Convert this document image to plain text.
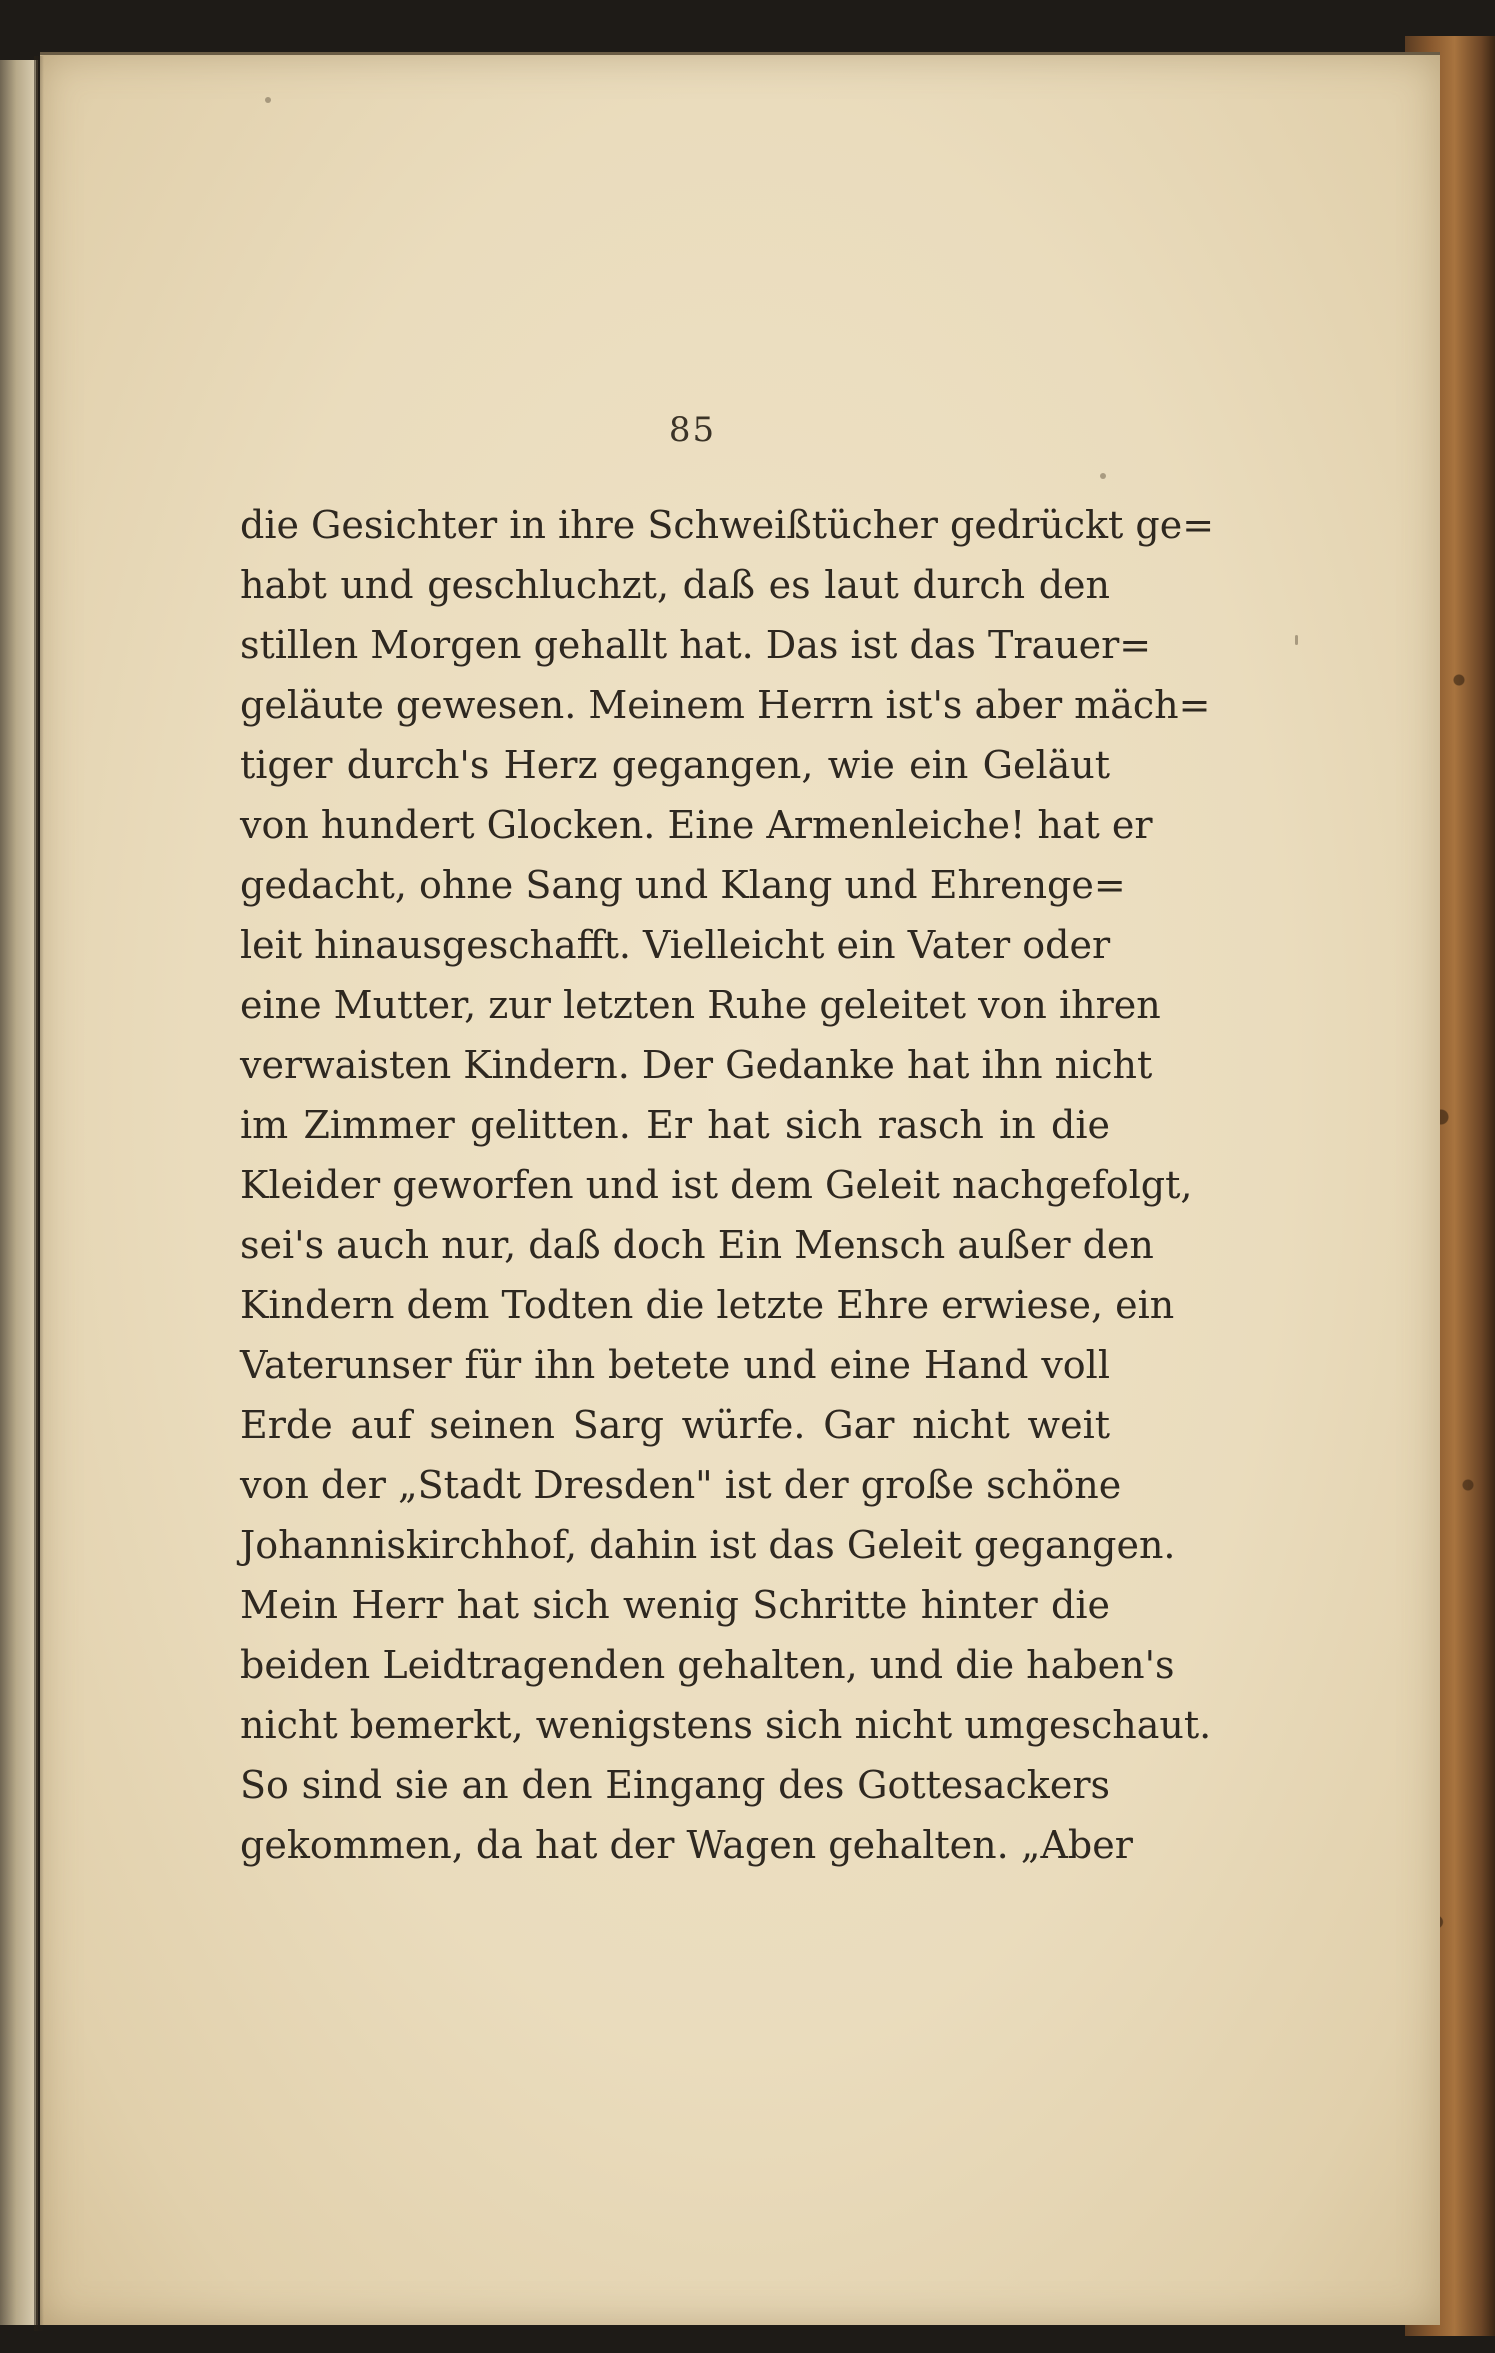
85
die Gesichter in ihre Schweißtücher gedrückt ge=
habt und geschluchzt, daß es laut durch den
stillen Morgen gehallt hat. Das ist das Trauer=
geläute gewesen. Meinem Herrn ist's aber mäch=
tiger durch's Herz gegangen, wie ein Geläut
von hundert Glocken. Eine Armenleiche! hat er
gedacht, ohne Sang und Klang und Ehrenge=
leit hinausgeschafft. Vielleicht ein Vater oder
eine Mutter, zur letzten Ruhe geleitet von ihren
verwaisten Kindern. Der Gedanke hat ihn nicht
im Zimmer gelitten. Er hat sich rasch in die
Kleider geworfen und ist dem Geleit nachgefolgt,
sei's auch nur, daß doch Ein Mensch außer den
Kindern dem Todten die letzte Ehre erwiese, ein
Vaterunser für ihn betete und eine Hand voll
Erde auf seinen Sarg würfe. Gar nicht weit
von der „Stadt Dresden" ist der große schöne
Johanniskirchhof, dahin ist das Geleit gegangen.
Mein Herr hat sich wenig Schritte hinter die
beiden Leidtragenden gehalten, und die haben's
nicht bemerkt, wenigstens sich nicht umgeschaut.
So sind sie an den Eingang des Gottesackers
gekommen, da hat der Wagen gehalten. „Aber
